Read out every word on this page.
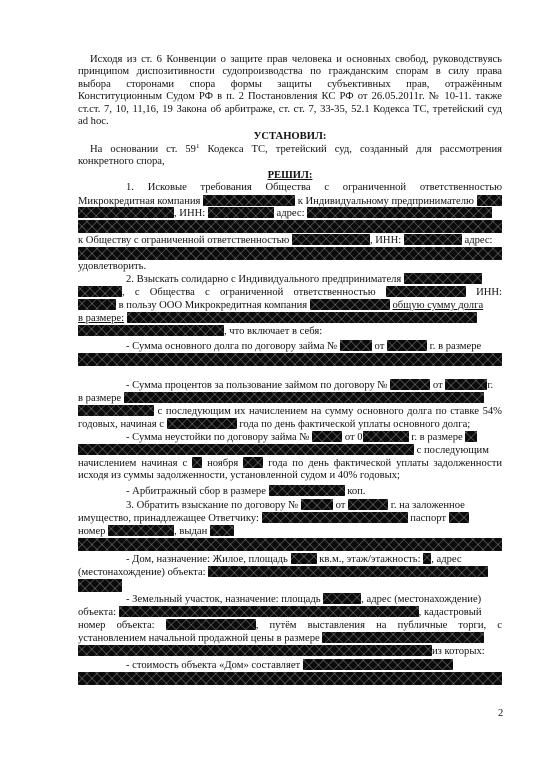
Исходя из ст. 6 Конвенции о защите прав человека и основных свобод, руководствуясь
принципом диспозитивности судопроизводства по гражданским спорам в силу права
выбора сторонами спора формы защиты субъективных прав, отражённым
Конституционным Судом РФ в п. 2 Постановления КС РФ от 26.05.2011г. № 10-11. также
ст.ст. 7, 10, 11,16, 19 Закона об арбитраже, ст. ст. 7, 33-35, 52.1 Кодекса ТС, третейский суд
ad hoc.
УСТАНОВИЛ:
На основании ст. $59^1$ Кодекса ТС, третейский суд, созданный для рассмотрения
конкретного спора,
РЕШИЛ:
1. Исковые требования Общества с ограниченной ответственностью
Микрокредитная компания	к Индивидуальному предпринимателю
, ИНН:	адрес:
к Обществу с ограниченной ответственностью	, ИНН:	адрес:
удовлетворить.
2. Взыскать солидарно с Индивидуального предпринимателя
, с Общества с ограниченной ответственностью	ИНН:
в пользу ООО Микрокредитная компания	общую сумму долга
в размере:
, что включает в себя:
- Сумма основного долга по договору займа №	от	г. в размере
- Сумма процентов за пользование займом по договору №	от	г.
в размере
с последующим их начислением на сумму основного долга по ставке 54%
годовых, начиная с	года по день фактической уплаты основного долга;
- Сумма неустойки по договору займа №	от 0	г. в размере
с последующим
начислением начиная с ноября	года по день фактической уплаты задолженности
исходя из суммы задолженности, установленной судом и 40% годовых;
- Арбитражный сбор в размере	коп.
3. Обратить взыскание по договору №	от	г. на заложенное
имущество, принадлежащее Ответчику:	паспорт
номер	, выдан
- Дом, назначение: Жилое, площадь	кв.м., этаж/этажность: , адрес
(местонахождение) объекта:
- Земельный участок, назначение: площадь	, адрес (местонахождение)
объекта:	, кадастровый
номер объекта:	, путём выставления на публичные торги, с
установлением начальной продажной цены в размере
из которых:
- стоимость объекта «Дом» составляет
2
